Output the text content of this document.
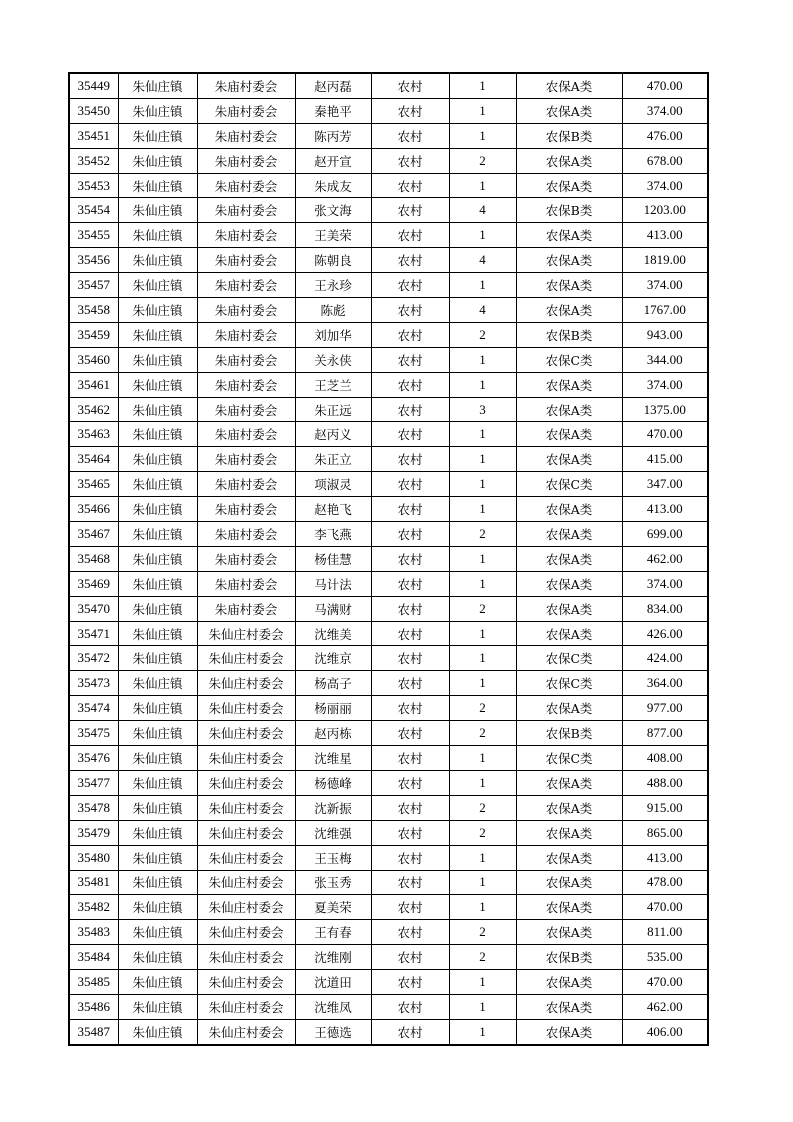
35449	朱仙庄镇	朱庙村委会	赵丙磊	农村	1	农保A类	470.00
35450	朱仙庄镇	朱庙村委会	秦艳平	农村	1	农保A类	374.00
35451	朱仙庄镇	朱庙村委会	陈丙芳	农村	1	农保B类	476.00
35452	朱仙庄镇	朱庙村委会	赵开宣	农村	2	农保A类	678.00
35453	朱仙庄镇	朱庙村委会	朱成友	农村	1	农保A类	374.00
35454	朱仙庄镇	朱庙村委会	张文海	农村	4	农保B类	1203.00
35455	朱仙庄镇	朱庙村委会	王美荣	农村	1	农保A类	413.00
35456	朱仙庄镇	朱庙村委会	陈朝良	农村	4	农保A类	1819.00
35457	朱仙庄镇	朱庙村委会	王永珍	农村	1	农保A类	374.00
35458	朱仙庄镇	朱庙村委会	陈彪	农村	4	农保A类	1767.00
35459	朱仙庄镇	朱庙村委会	刘加华	农村	2	农保B类	943.00
35460	朱仙庄镇	朱庙村委会	关永侠	农村	1	农保C类	344.00
35461	朱仙庄镇	朱庙村委会	王芝兰	农村	1	农保A类	374.00
35462	朱仙庄镇	朱庙村委会	朱正远	农村	3	农保A类	1375.00
35463	朱仙庄镇	朱庙村委会	赵丙义	农村	1	农保A类	470.00
35464	朱仙庄镇	朱庙村委会	朱正立	农村	1	农保A类	415.00
35465	朱仙庄镇	朱庙村委会	项淑灵	农村	1	农保C类	347.00
35466	朱仙庄镇	朱庙村委会	赵艳飞	农村	1	农保A类	413.00
35467	朱仙庄镇	朱庙村委会	李飞燕	农村	2	农保A类	699.00
35468	朱仙庄镇	朱庙村委会	杨佳慧	农村	1	农保A类	462.00
35469	朱仙庄镇	朱庙村委会	马计法	农村	1	农保A类	374.00
35470	朱仙庄镇	朱庙村委会	马满财	农村	2	农保A类	834.00
35471	朱仙庄镇	朱仙庄村委会	沈维美	农村	1	农保A类	426.00
35472	朱仙庄镇	朱仙庄村委会	沈维京	农村	1	农保C类	424.00
35473	朱仙庄镇	朱仙庄村委会	杨高子	农村	1	农保C类	364.00
35474	朱仙庄镇	朱仙庄村委会	杨丽丽	农村	2	农保A类	977.00
35475	朱仙庄镇	朱仙庄村委会	赵丙栋	农村	2	农保B类	877.00
35476	朱仙庄镇	朱仙庄村委会	沈维星	农村	1	农保C类	408.00
35477	朱仙庄镇	朱仙庄村委会	杨德峰	农村	1	农保A类	488.00
35478	朱仙庄镇	朱仙庄村委会	沈新振	农村	2	农保A类	915.00
35479	朱仙庄镇	朱仙庄村委会	沈维强	农村	2	农保A类	865.00
35480	朱仙庄镇	朱仙庄村委会	王玉梅	农村	1	农保A类	413.00
35481	朱仙庄镇	朱仙庄村委会	张玉秀	农村	1	农保A类	478.00
35482	朱仙庄镇	朱仙庄村委会	夏美荣	农村	1	农保A类	470.00
35483	朱仙庄镇	朱仙庄村委会	王有春	农村	2	农保A类	811.00
35484	朱仙庄镇	朱仙庄村委会	沈维刚	农村	2	农保B类	535.00
35485	朱仙庄镇	朱仙庄村委会	沈道田	农村	1	农保A类	470.00
35486	朱仙庄镇	朱仙庄村委会	沈维凤	农村	1	农保A类	462.00
35487	朱仙庄镇	朱仙庄村委会	王德选	农村	1	农保A类	406.00
